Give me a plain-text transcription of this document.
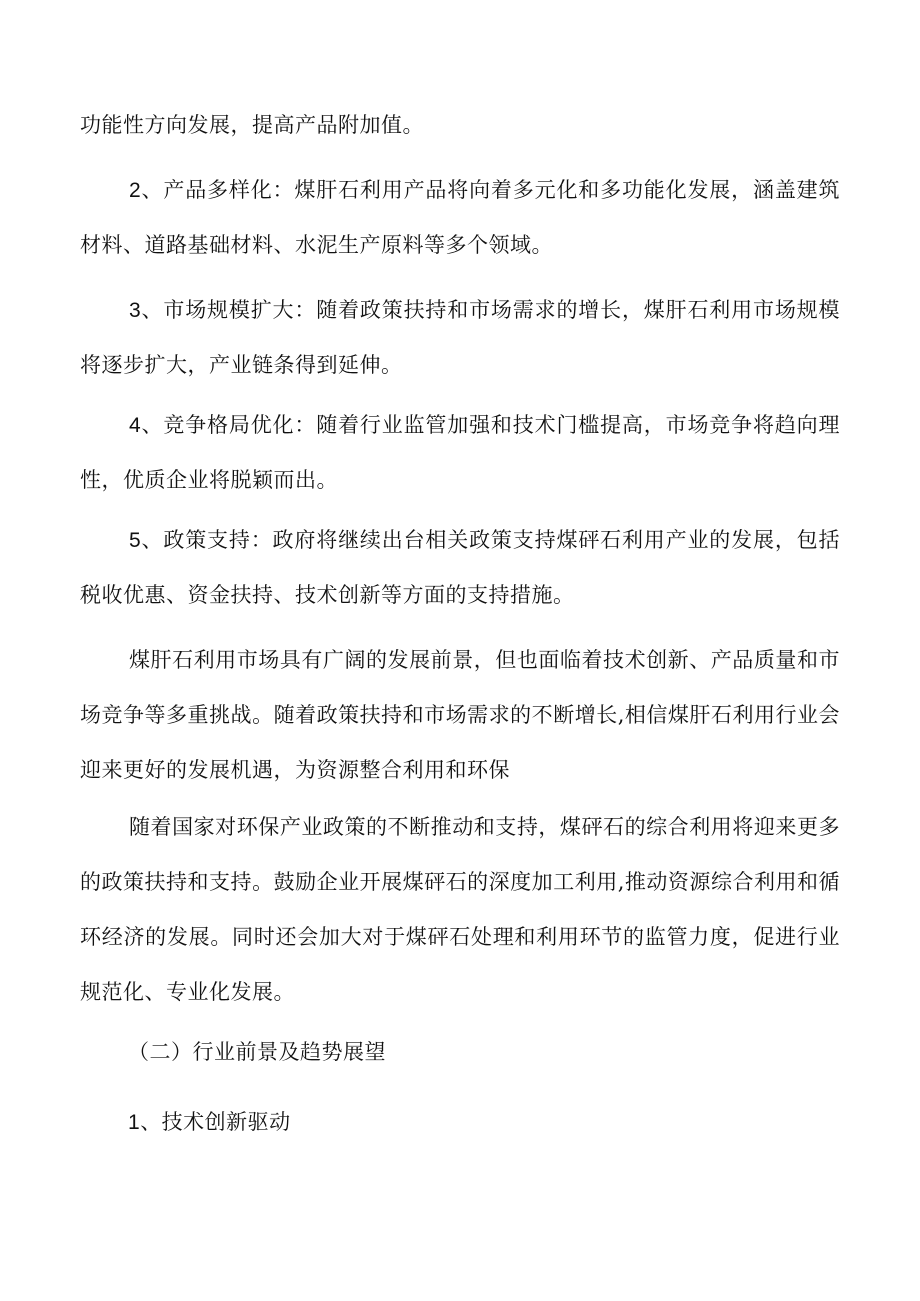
功能性方向发展，提高产品附加值。

2、产品多样化：煤肝石利用产品将向着多元化和多功能化发展，涵盖建筑材料、道路基础材料、水泥生产原料等多个领域。

3、市场规模扩大：随着政策扶持和市场需求的增长，煤肝石利用市场规模将逐步扩大，产业链条得到延伸。

4、竞争格局优化：随着行业监管加强和技术门槛提高，市场竞争将趋向理性，优质企业将脱颖而出。

5、政策支持：政府将继续出台相关政策支持煤砰石利用产业的发展，包括税收优惠、资金扶持、技术创新等方面的支持措施。

煤肝石利用市场具有广阔的发展前景，但也面临着技术创新、产品质量和市场竞争等多重挑战。随着政策扶持和市场需求的不断增长,相信煤肝石利用行业会迎来更好的发展机遇，为资源整合利用和环保

随着国家对环保产业政策的不断推动和支持，煤砰石的综合利用将迎来更多的政策扶持和支持。鼓励企业开展煤砰石的深度加工利用,推动资源综合利用和循环经济的发展。同时还会加大对于煤砰石处理和利用环节的监管力度，促进行业规范化、专业化发展。

（二）行业前景及趋势展望

1、技术创新驱动
